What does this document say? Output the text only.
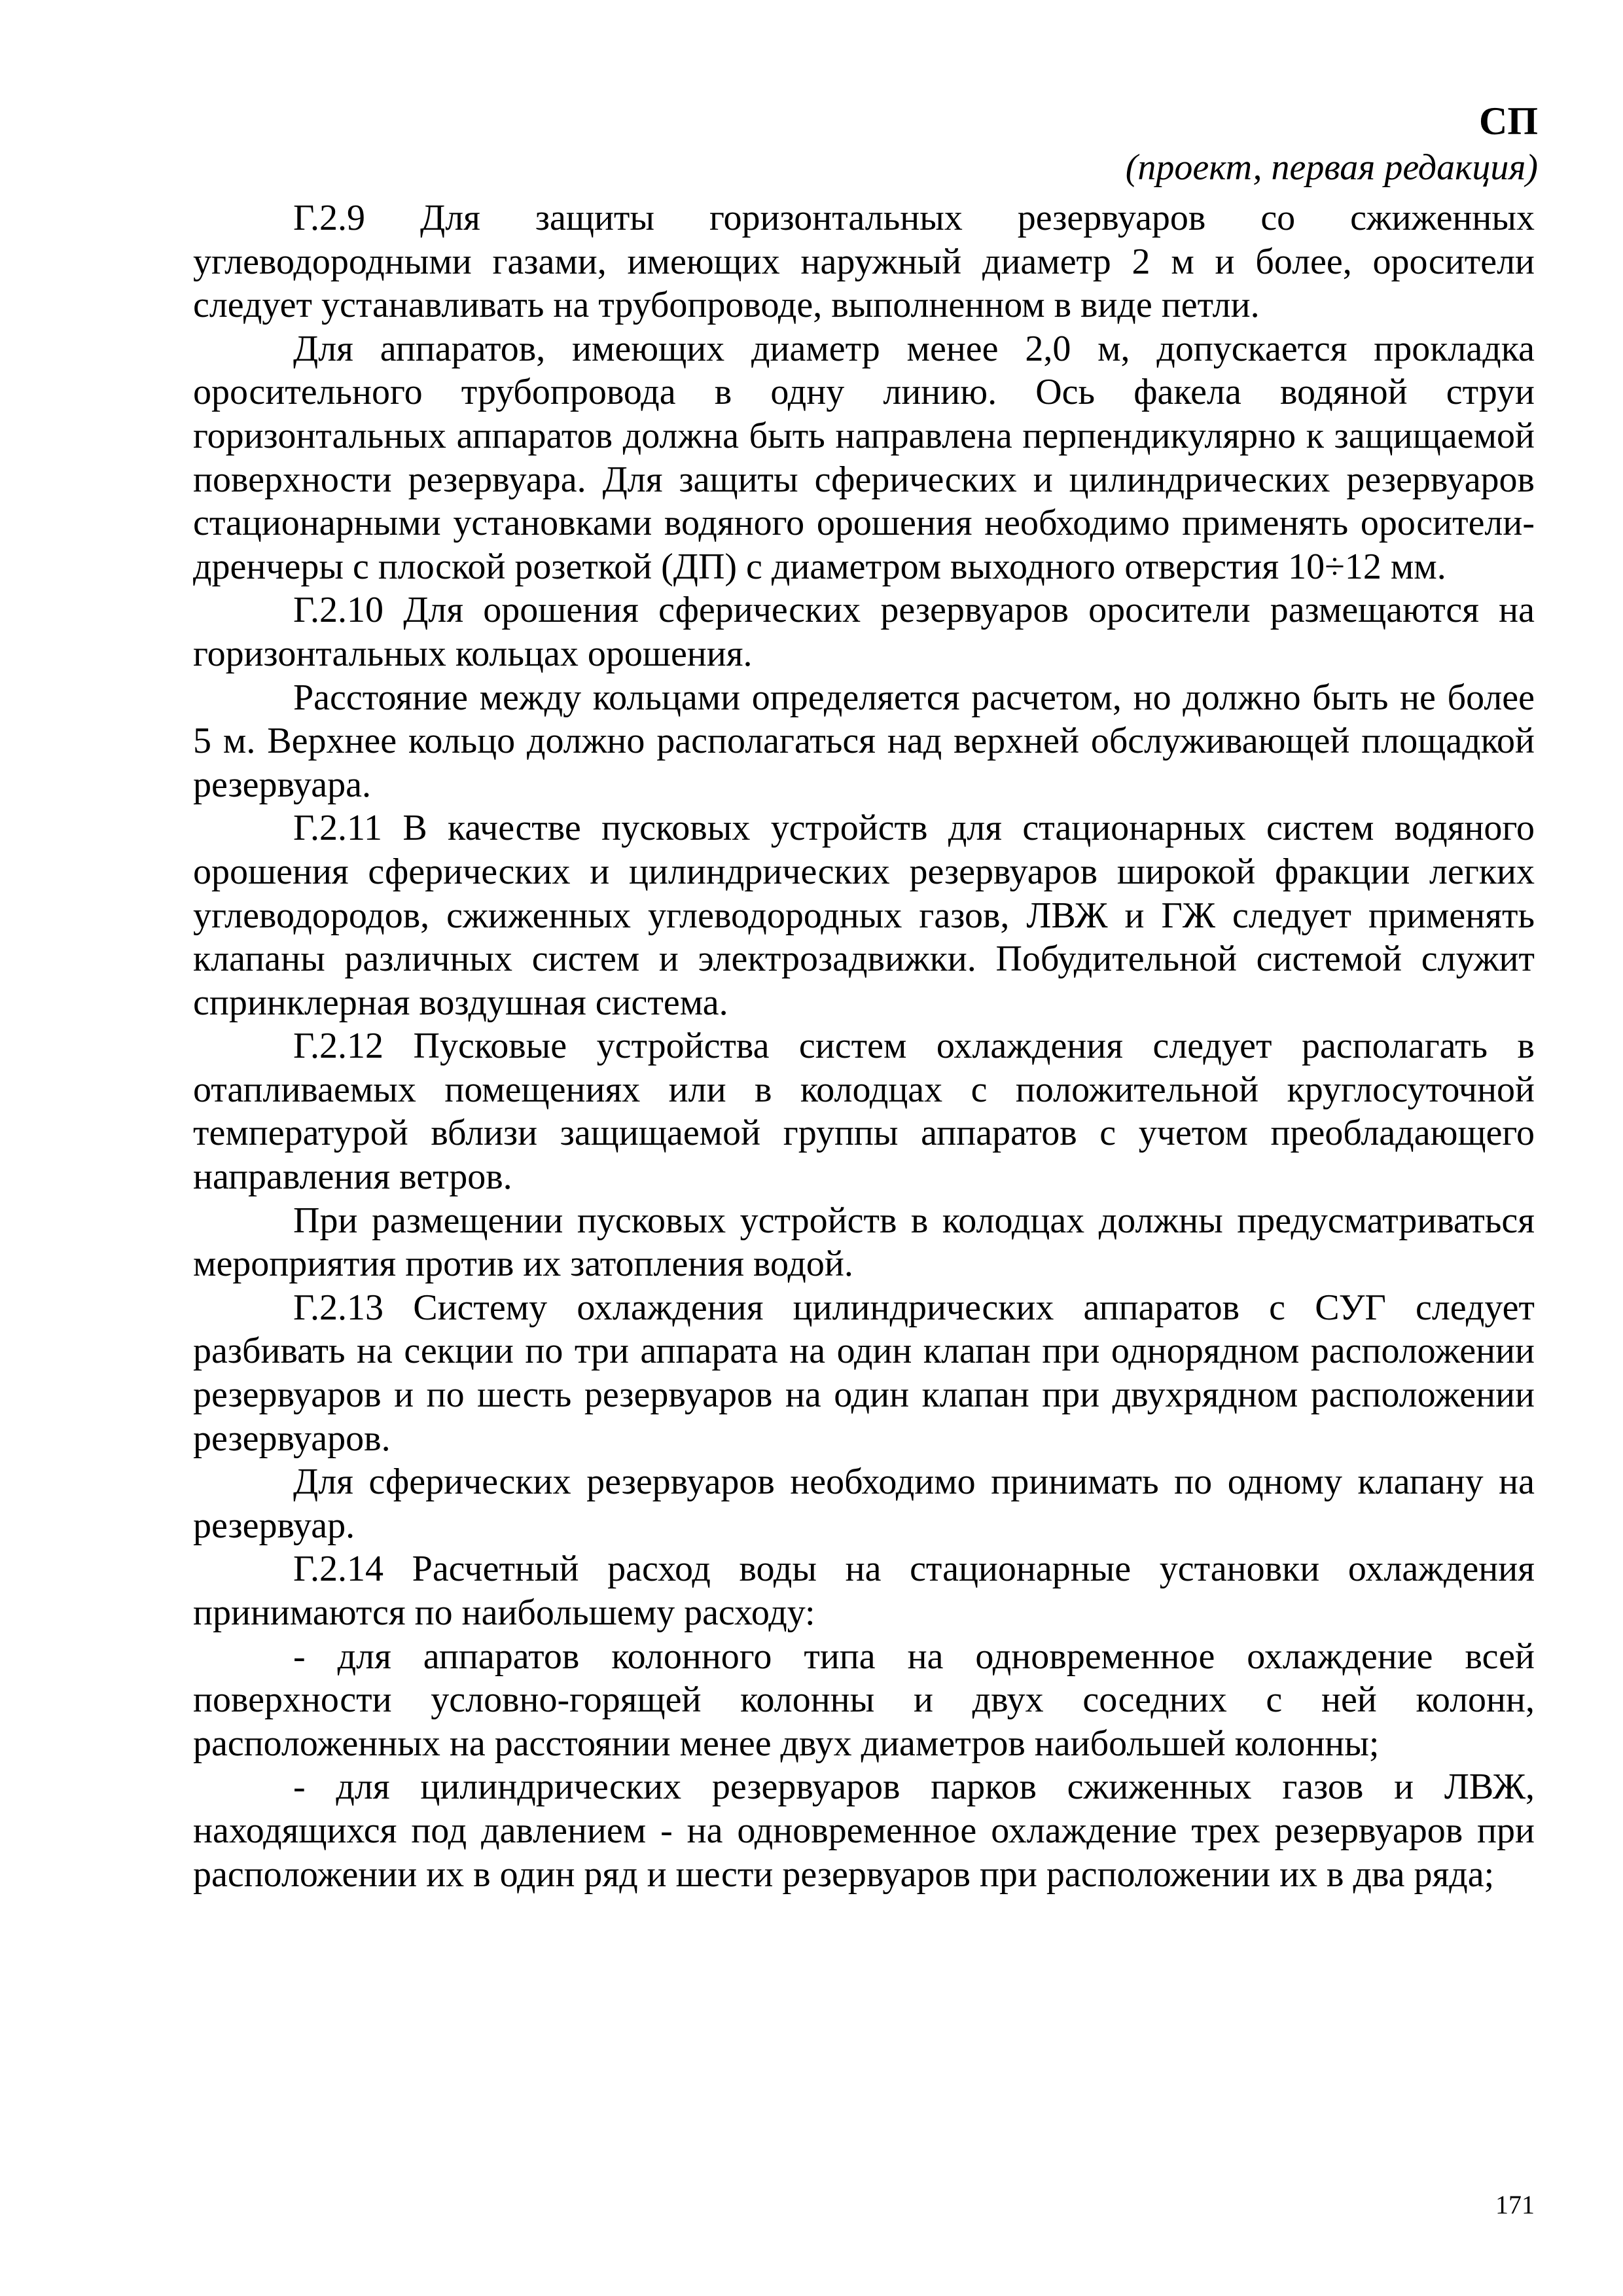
СП
(проект, первая редакция)

Г.2.9 Для защиты горизонтальных резервуаров со сжиженных углеводородными газами, имеющих наружный диаметр 2 м и более, оросители следует устанавливать на трубопроводе, выполненном в виде петли.

Для аппаратов, имеющих диаметр менее 2,0 м, допускается прокладка оросительного трубопровода в одну линию. Ось факела водяной струи горизонтальных аппаратов должна быть направлена перпендикулярно к защищаемой поверхности резервуара. Для защиты сферических и цилиндрических резервуаров стационарными установками водяного орошения необходимо применять оросители-дренчеры с плоской розеткой (ДП) с диаметром выходного отверстия 10÷12 мм.

Г.2.10 Для орошения сферических резервуаров оросители размещаются на горизонтальных кольцах орошения.

Расстояние между кольцами определяется расчетом, но должно быть не более 5 м. Верхнее кольцо должно располагаться над верхней обслуживающей площадкой резервуара.

Г.2.11 В качестве пусковых устройств для стационарных систем водяного орошения сферических и цилиндрических резервуаров широкой фракции легких углеводородов, сжиженных углеводородных газов, ЛВЖ и ГЖ следует применять клапаны различных систем и электрозадвижки. Побудительной системой служит спринклерная воздушная система.

Г.2.12 Пусковые устройства систем охлаждения следует располагать в отапливаемых помещениях или в колодцах с положительной круглосуточной температурой вблизи защищаемой группы аппаратов с учетом преобладающего направления ветров.

При размещении пусковых устройств в колодцах должны предусматриваться мероприятия против их затопления водой.

Г.2.13 Систему охлаждения цилиндрических аппаратов с СУГ следует разбивать на секции по три аппарата на один клапан при однорядном расположении резервуаров и по шесть резервуаров на один клапан при двухрядном расположении резервуаров.

Для сферических резервуаров необходимо принимать по одному клапану на резервуар.

Г.2.14 Расчетный расход воды на стационарные установки охлаждения принимаются по наибольшему расходу:

- для аппаратов колонного типа на одновременное охлаждение всей поверхности условно-горящей колонны и двух соседних с ней колонн, расположенных на расстоянии менее двух диаметров наибольшей колонны;

- для цилиндрических резервуаров парков сжиженных газов и ЛВЖ, находящихся под давлением - на одновременное охлаждение трех резервуаров при расположении их в один ряд и шести резервуаров при расположении их в два ряда;

171
